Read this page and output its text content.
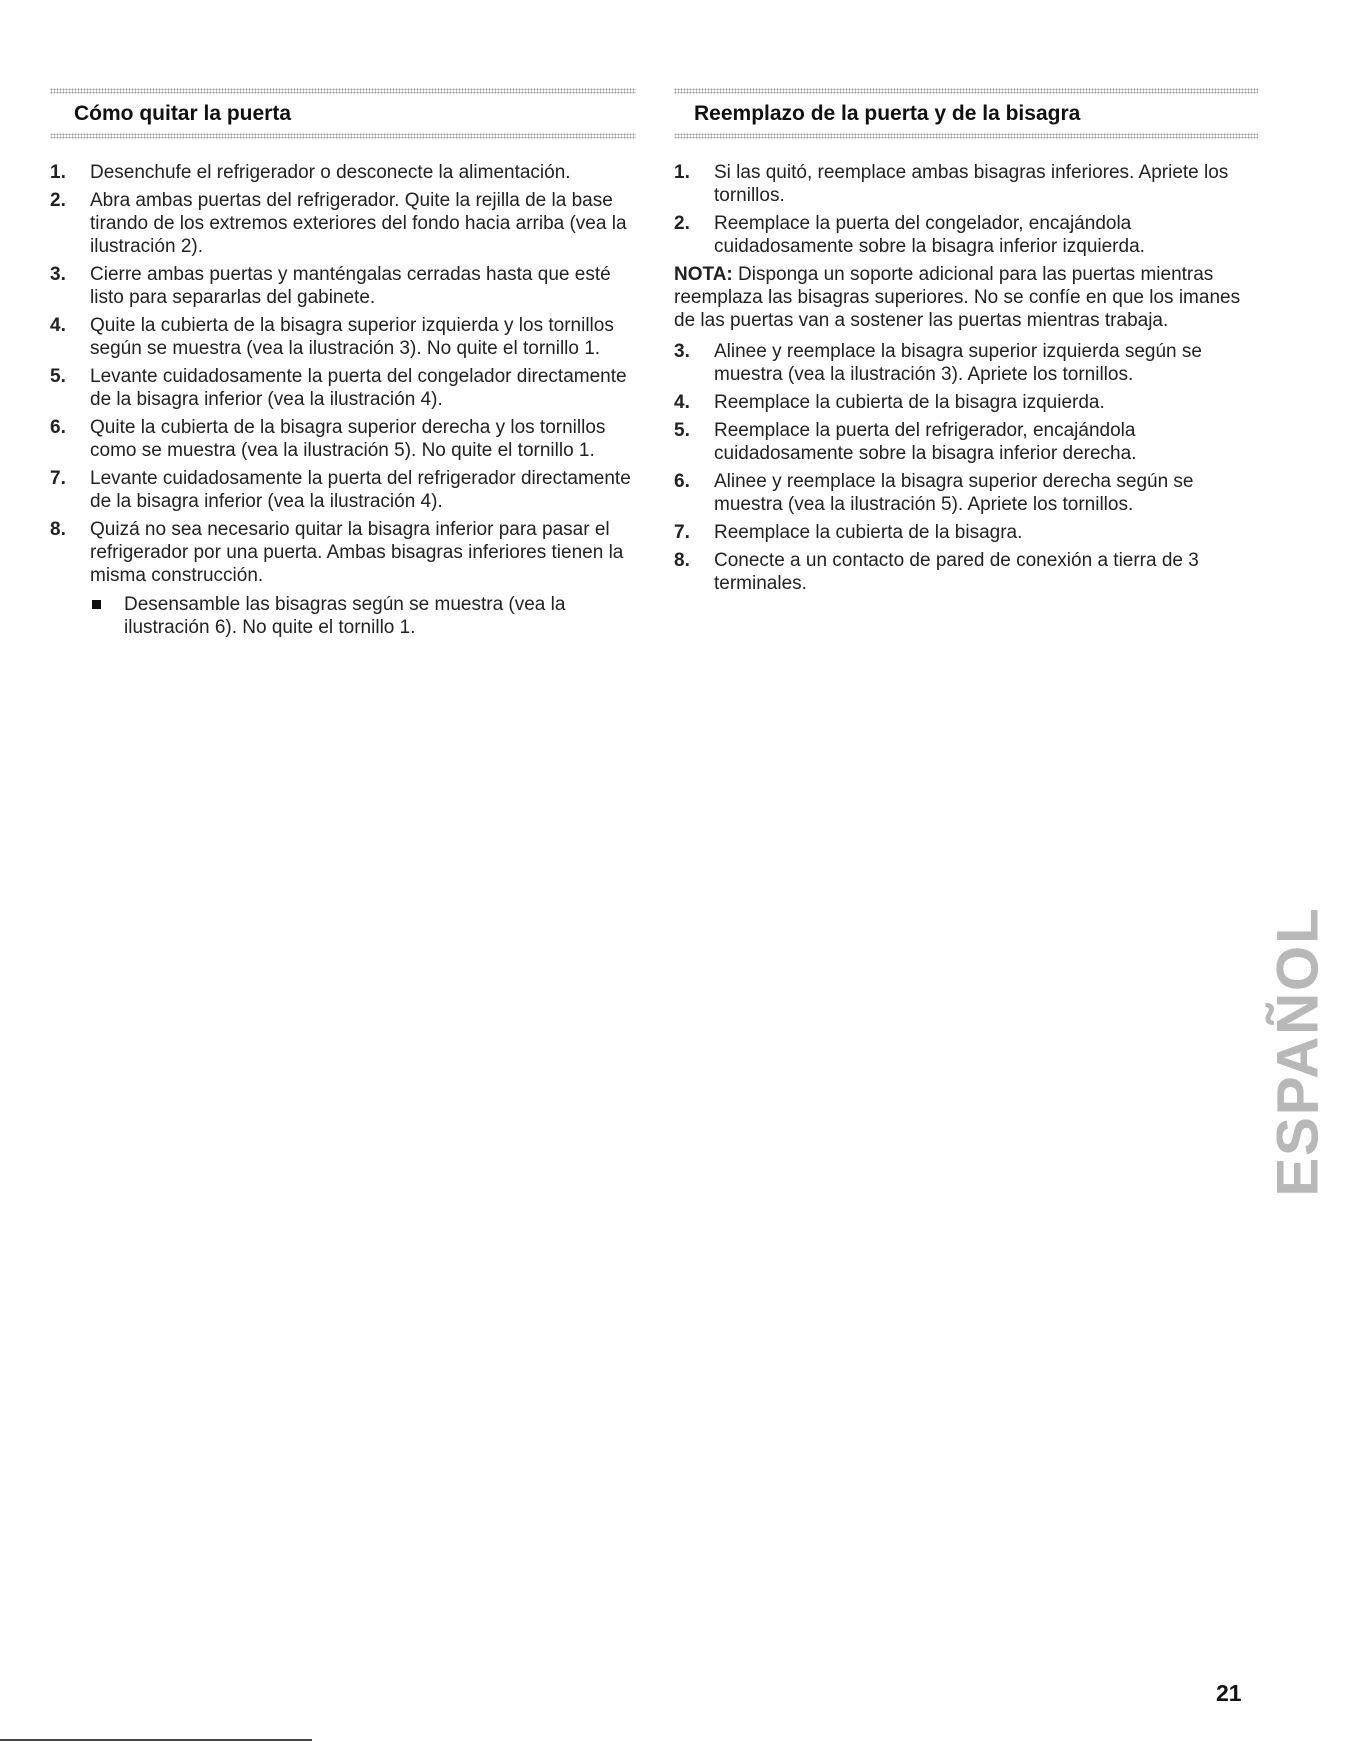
Cómo quitar la puerta
1.	Desenchufe el refrigerador o desconecte la alimentación.
2.	Abra ambas puertas del refrigerador. Quite la rejilla de la base tirando de los extremos exteriores del fondo hacia arriba (vea la ilustración 2).
3.	Cierre ambas puertas y manténgalas cerradas hasta que esté listo para separarlas del gabinete.
4.	Quite la cubierta de la bisagra superior izquierda y los tornillos según se muestra (vea la ilustración 3). No quite el tornillo 1.
5.	Levante cuidadosamente la puerta del congelador directamente de la bisagra inferior (vea la ilustración 4).
6.	Quite la cubierta de la bisagra superior derecha y los tornillos como se muestra (vea la ilustración 5). No quite el tornillo 1.
7.	Levante cuidadosamente la puerta del refrigerador directamente de la bisagra inferior (vea la ilustración 4).
8.	Quizá no sea necesario quitar la bisagra inferior para pasar el refrigerador por una puerta. Ambas bisagras inferiores tienen la misma construcción.
Desensamble las bisagras según se muestra (vea la ilustración 6). No quite el tornillo 1.
Reemplazo de la puerta y de la bisagra
1.	Si las quitó, reemplace ambas bisagras inferiores. Apriete los tornillos.
2.	Reemplace la puerta del congelador, encajándola cuidadosamente sobre la bisagra inferior izquierda.
NOTA: Disponga un soporte adicional para las puertas mientras reemplaza las bisagras superiores. No se confíe en que los imanes de las puertas van a sostener las puertas mientras trabaja.
3.	Alinee y reemplace la bisagra superior izquierda según se muestra (vea la ilustración 3). Apriete los tornillos.
4.	Reemplace la cubierta de la bisagra izquierda.
5.	Reemplace la puerta del refrigerador, encajándola cuidadosamente sobre la bisagra inferior derecha.
6.	Alinee y reemplace la bisagra superior derecha según se muestra (vea la ilustración 5). Apriete los tornillos.
7.	Reemplace la cubierta de la bisagra.
8.	Conecte a un contacto de pared de conexión a tierra de 3 terminales.
ESPAÑOL
21
